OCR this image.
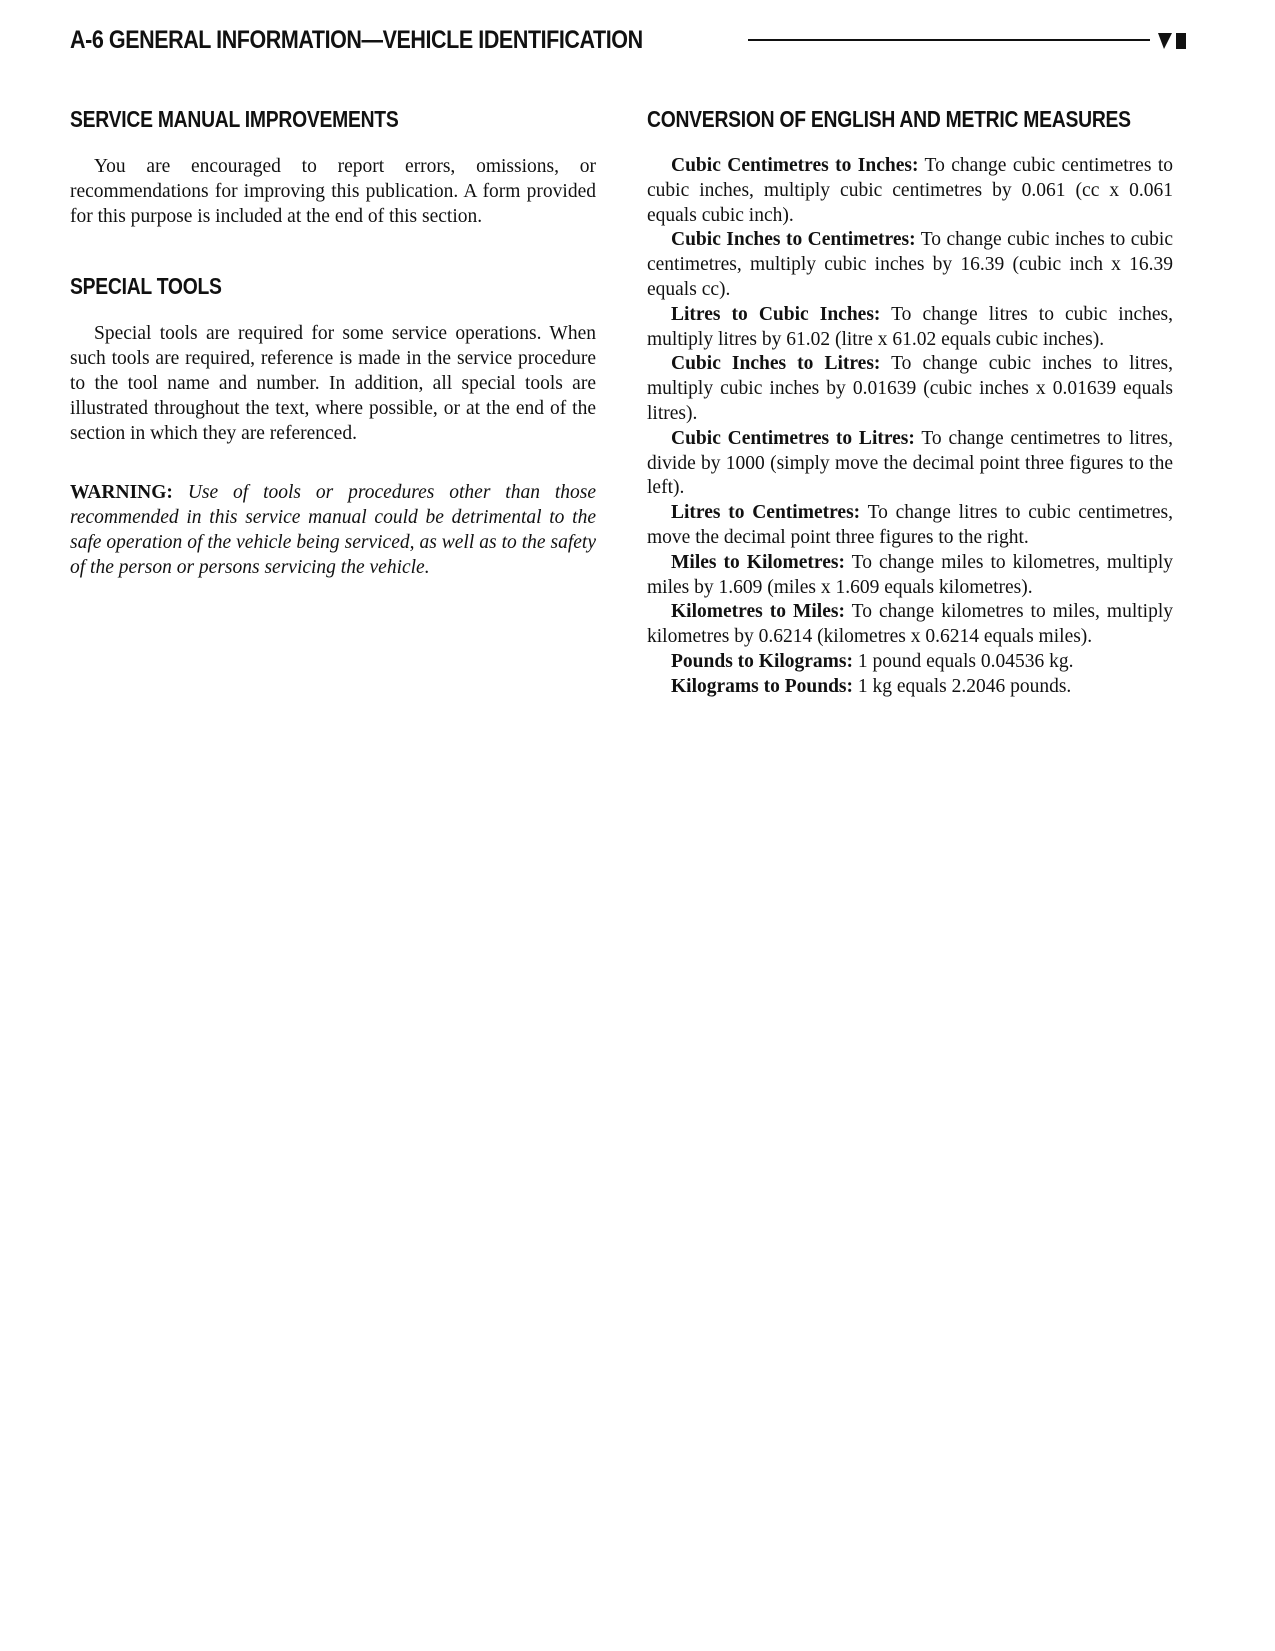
A-6 GENERAL INFORMATION—VEHICLE IDENTIFICATION
SERVICE MANUAL IMPROVEMENTS

You are encouraged to report errors, omissions, or recommendations for improving this publication. A form provided for this purpose is included at the end of this section.

SPECIAL TOOLS

Special tools are required for some service operations. When such tools are required, reference is made in the service procedure to the tool name and number. In addition, all special tools are illustrated throughout the text, where possible, or at the end of the section in which they are referenced.

WARNING: Use of tools or procedures other than those recommended in this service manual could be detrimental to the safe operation of the vehicle being serviced, as well as to the safety of the person or persons servicing the vehicle.

CONVERSION OF ENGLISH AND METRIC MEASURES

Cubic Centimetres to Inches: To change cubic centimetres to cubic inches, multiply cubic centimetres by 0.061 (cc x 0.061 equals cubic inch).

Cubic Inches to Centimetres: To change cubic inches to cubic centimetres, multiply cubic inches by 16.39 (cubic inch x 16.39 equals cc).

Litres to Cubic Inches: To change litres to cubic inches, multiply litres by 61.02 (litre x 61.02 equals cubic inches).

Cubic Inches to Litres: To change cubic inches to litres, multiply cubic inches by 0.01639 (cubic inches x 0.01639 equals litres).

Cubic Centimetres to Litres: To change centimetres to litres, divide by 1000 (simply move the decimal point three figures to the left).

Litres to Centimetres: To change litres to cubic centimetres, move the decimal point three figures to the right.

Miles to Kilometres: To change miles to kilometres, multiply miles by 1.609 (miles x 1.609 equals kilometres).

Kilometres to Miles: To change kilometres to miles, multiply kilometres by 0.6214 (kilometres x 0.6214 equals miles).

Pounds to Kilograms: 1 pound equals 0.04536 kg.

Kilograms to Pounds: 1 kg equals 2.2046 pounds.
